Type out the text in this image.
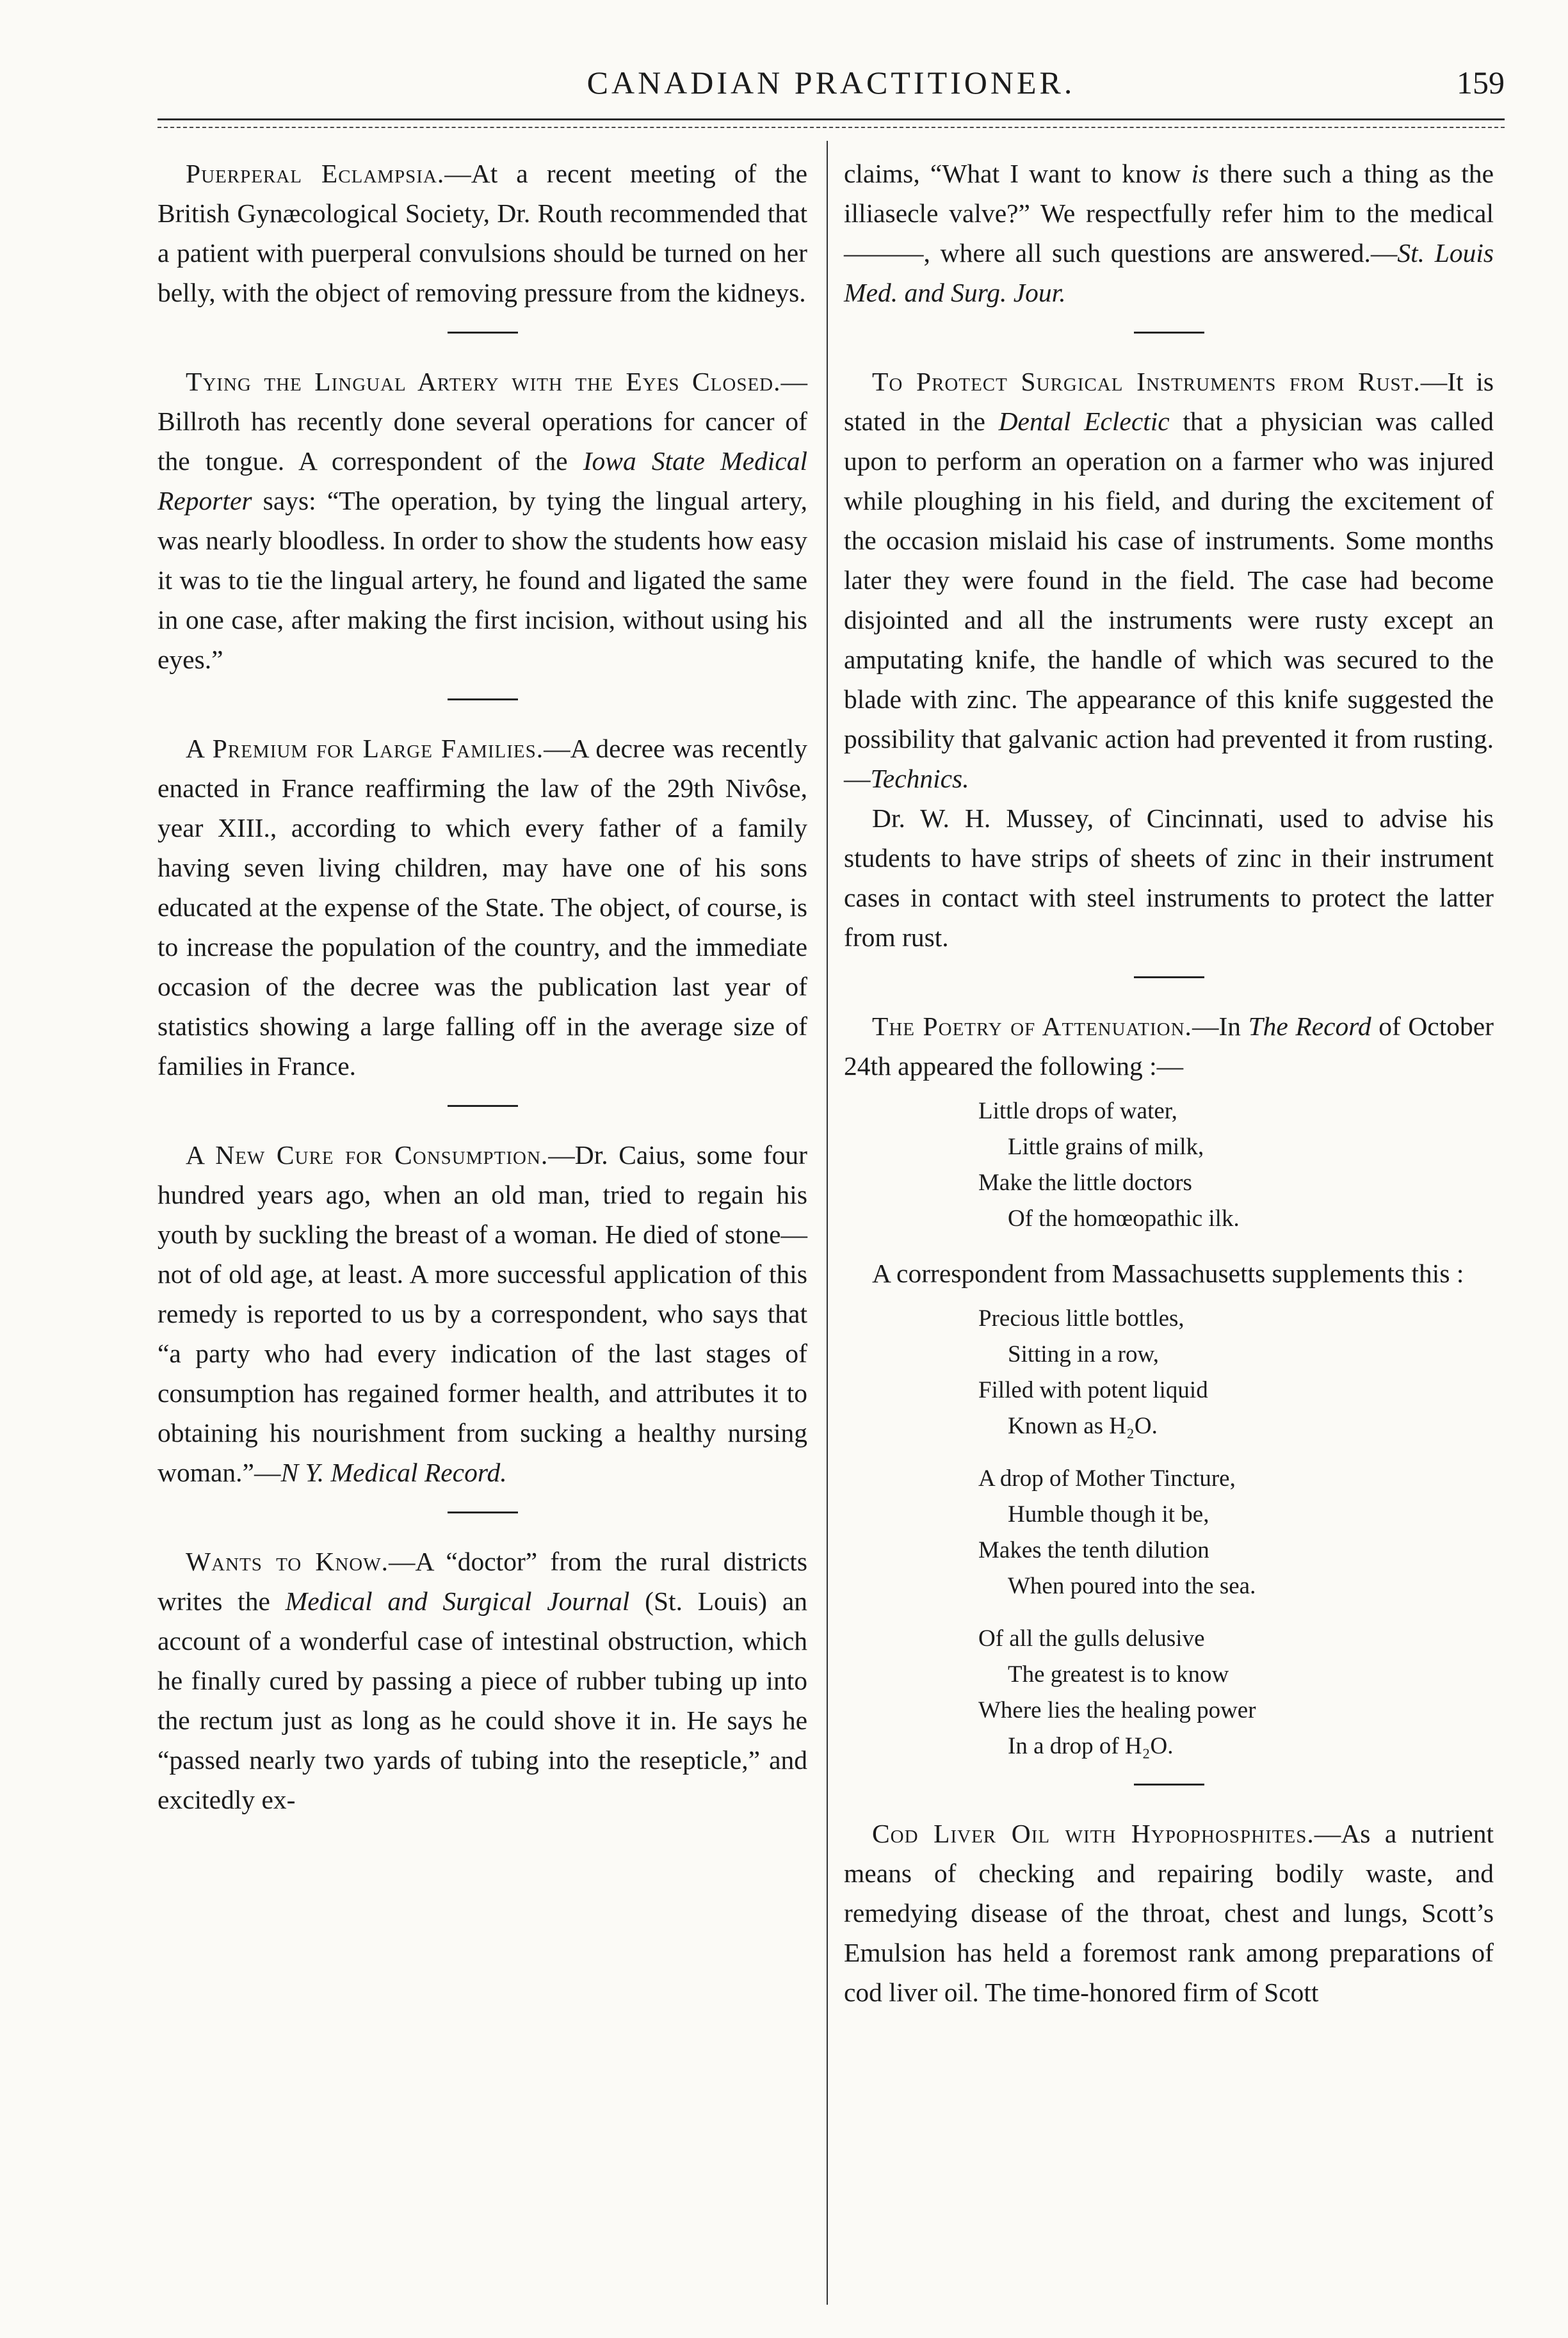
CANADIAN PRACTITIONER.	159

Puerperal Eclampsia.—At a recent meeting of the British Gynæcological Society, Dr. Routh recommended that a patient with puerperal convulsions should be turned on her belly, with the object of removing pressure from the kidneys.

Tying the Lingual Artery with the Eyes Closed.—Billroth has recently done several operations for cancer of the tongue. A correspondent of the Iowa State Medical Reporter says: “The operation, by tying the lingual artery, was nearly bloodless. In order to show the students how easy it was to tie the lingual artery, he found and ligated the same in one case, after making the first incision, without using his eyes.”

A Premium for Large Families.—A decree was recently enacted in France reaffirming the law of the 29th Nivôse, year XIII., according to which every father of a family having seven living children, may have one of his sons educated at the expense of the State. The object, of course, is to increase the population of the country, and the immediate occasion of the decree was the publication last year of statistics showing a large falling off in the average size of families in France.

A New Cure for Consumption.—Dr. Caius, some four hundred years ago, when an old man, tried to regain his youth by suckling the breast of a woman. He died of stone—not of old age, at least. A more successful application of this remedy is reported to us by a correspondent, who says that “a party who had every indication of the last stages of consumption has regained former health, and attributes it to obtaining his nourishment from sucking a healthy nursing woman.”—N Y. Medical Record.

Wants to Know.—A “doctor” from the rural districts writes the Medical and Surgical Journal (St. Louis) an account of a wonderful case of intestinal obstruction, which he finally cured by passing a piece of rubber tubing up into the rectum just as long as he could shove it in. He says he “passed nearly two yards of tubing into the resepticle,” and excitedly ex-

claims, “What I want to know is there such a thing as the illiasecle valve?” We respectfully refer him to the medical ———, where all such questions are answered.—St. Louis Med. and Surg. Jour.

To Protect Surgical Instruments from Rust.—It is stated in the Dental Eclectic that a physician was called upon to perform an operation on a farmer who was injured while ploughing in his field, and during the excitement of the occasion mislaid his case of instruments. Some months later they were found in the field. The case had become disjointed and all the instruments were rusty except an amputating knife, the handle of which was secured to the blade with zinc. The appearance of this knife suggested the possibility that galvanic action had prevented it from rusting.—Technics.

Dr. W. H. Mussey, of Cincinnati, used to advise his students to have strips of sheets of zinc in their instrument cases in contact with steel instruments to protect the latter from rust.

The Poetry of Attenuation.—In The Record of October 24th appeared the following :—

Little drops of water,
Little grains of milk,
Make the little doctors
Of the homœopathic ilk.

A correspondent from Massachusetts supplements this :

Precious little bottles,
Sitting in a row,
Filled with potent liquid
Known as H₂O.
A drop of Mother Tincture,
Humble though it be,
Makes the tenth dilution
When poured into the sea.
Of all the gulls delusive
The greatest is to know
Where lies the healing power
In a drop of H₂O.

Cod Liver Oil with Hypophosphites.—As a nutrient means of checking and repairing bodily waste, and remedying disease of the throat, chest and lungs, Scott’s Emulsion has held a foremost rank among preparations of cod liver oil. The time-honored firm of Scott
